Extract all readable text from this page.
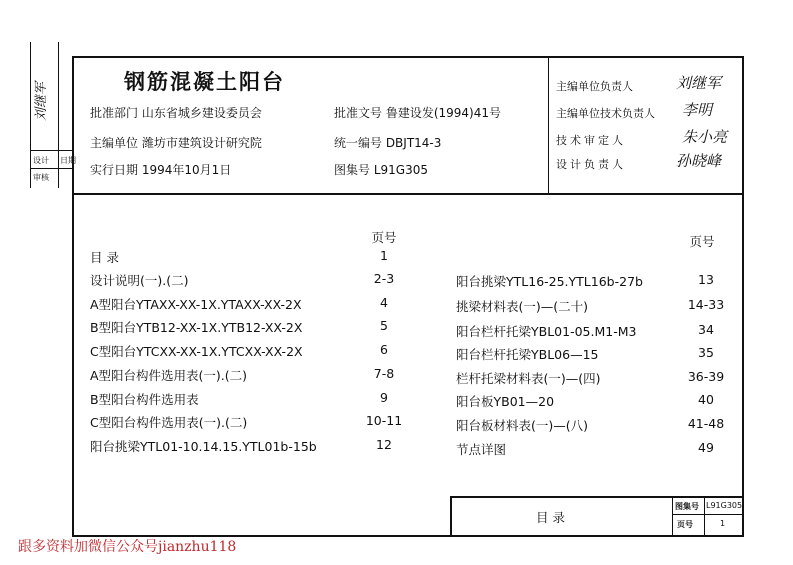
刘继军
设计
审核
日期
钢筋混凝土阳台
批准部门 山东省城乡建设委员会	批准文号 鲁建设发(1994)41号
主编单位 潍坊市建筑设计研究院	统一编号 DBJT14-3
实行日期 1994年10月1日	图集号 L91G305
主编单位负责人	刘继军
主编单位技术负责人 李明
技术审定人	朱小亮
设计负责人	孙晓峰
页号	页号
目 录	1
设计说明(一).(二)	2-3
A型阳台YTAXX-XX-1X.YTAXX-XX-2X	4
B型阳台YTB12-XX-1X.YTB12-XX-2X	5
C型阳台YTCXX-XX-1X.YTCXX-XX-2X	6
A型阳台构件选用表(一).(二)	7-8
B型阳台构件选用表	9
C型阳台构件选用表(一).(二)	10-11
阳台挑梁YTL01-10.14.15.YTL01b-15b	12
阳台挑梁YTL16-25.YTL16b-27b	13
挑梁材料表(一)—(二十)	14-33
阳台栏杆托梁YBL01-05.M1-M3	34
阳台栏杆托梁YBL06—15	35
栏杆托梁材料表(一)—(四)	36-39
阳台板YB01—20	40
阳台板材料表(一)—(八)	41-48
节点详图	49
目 录
图集号 L91G305
页号	1
跟多资料加微信公众号jianzhu118
